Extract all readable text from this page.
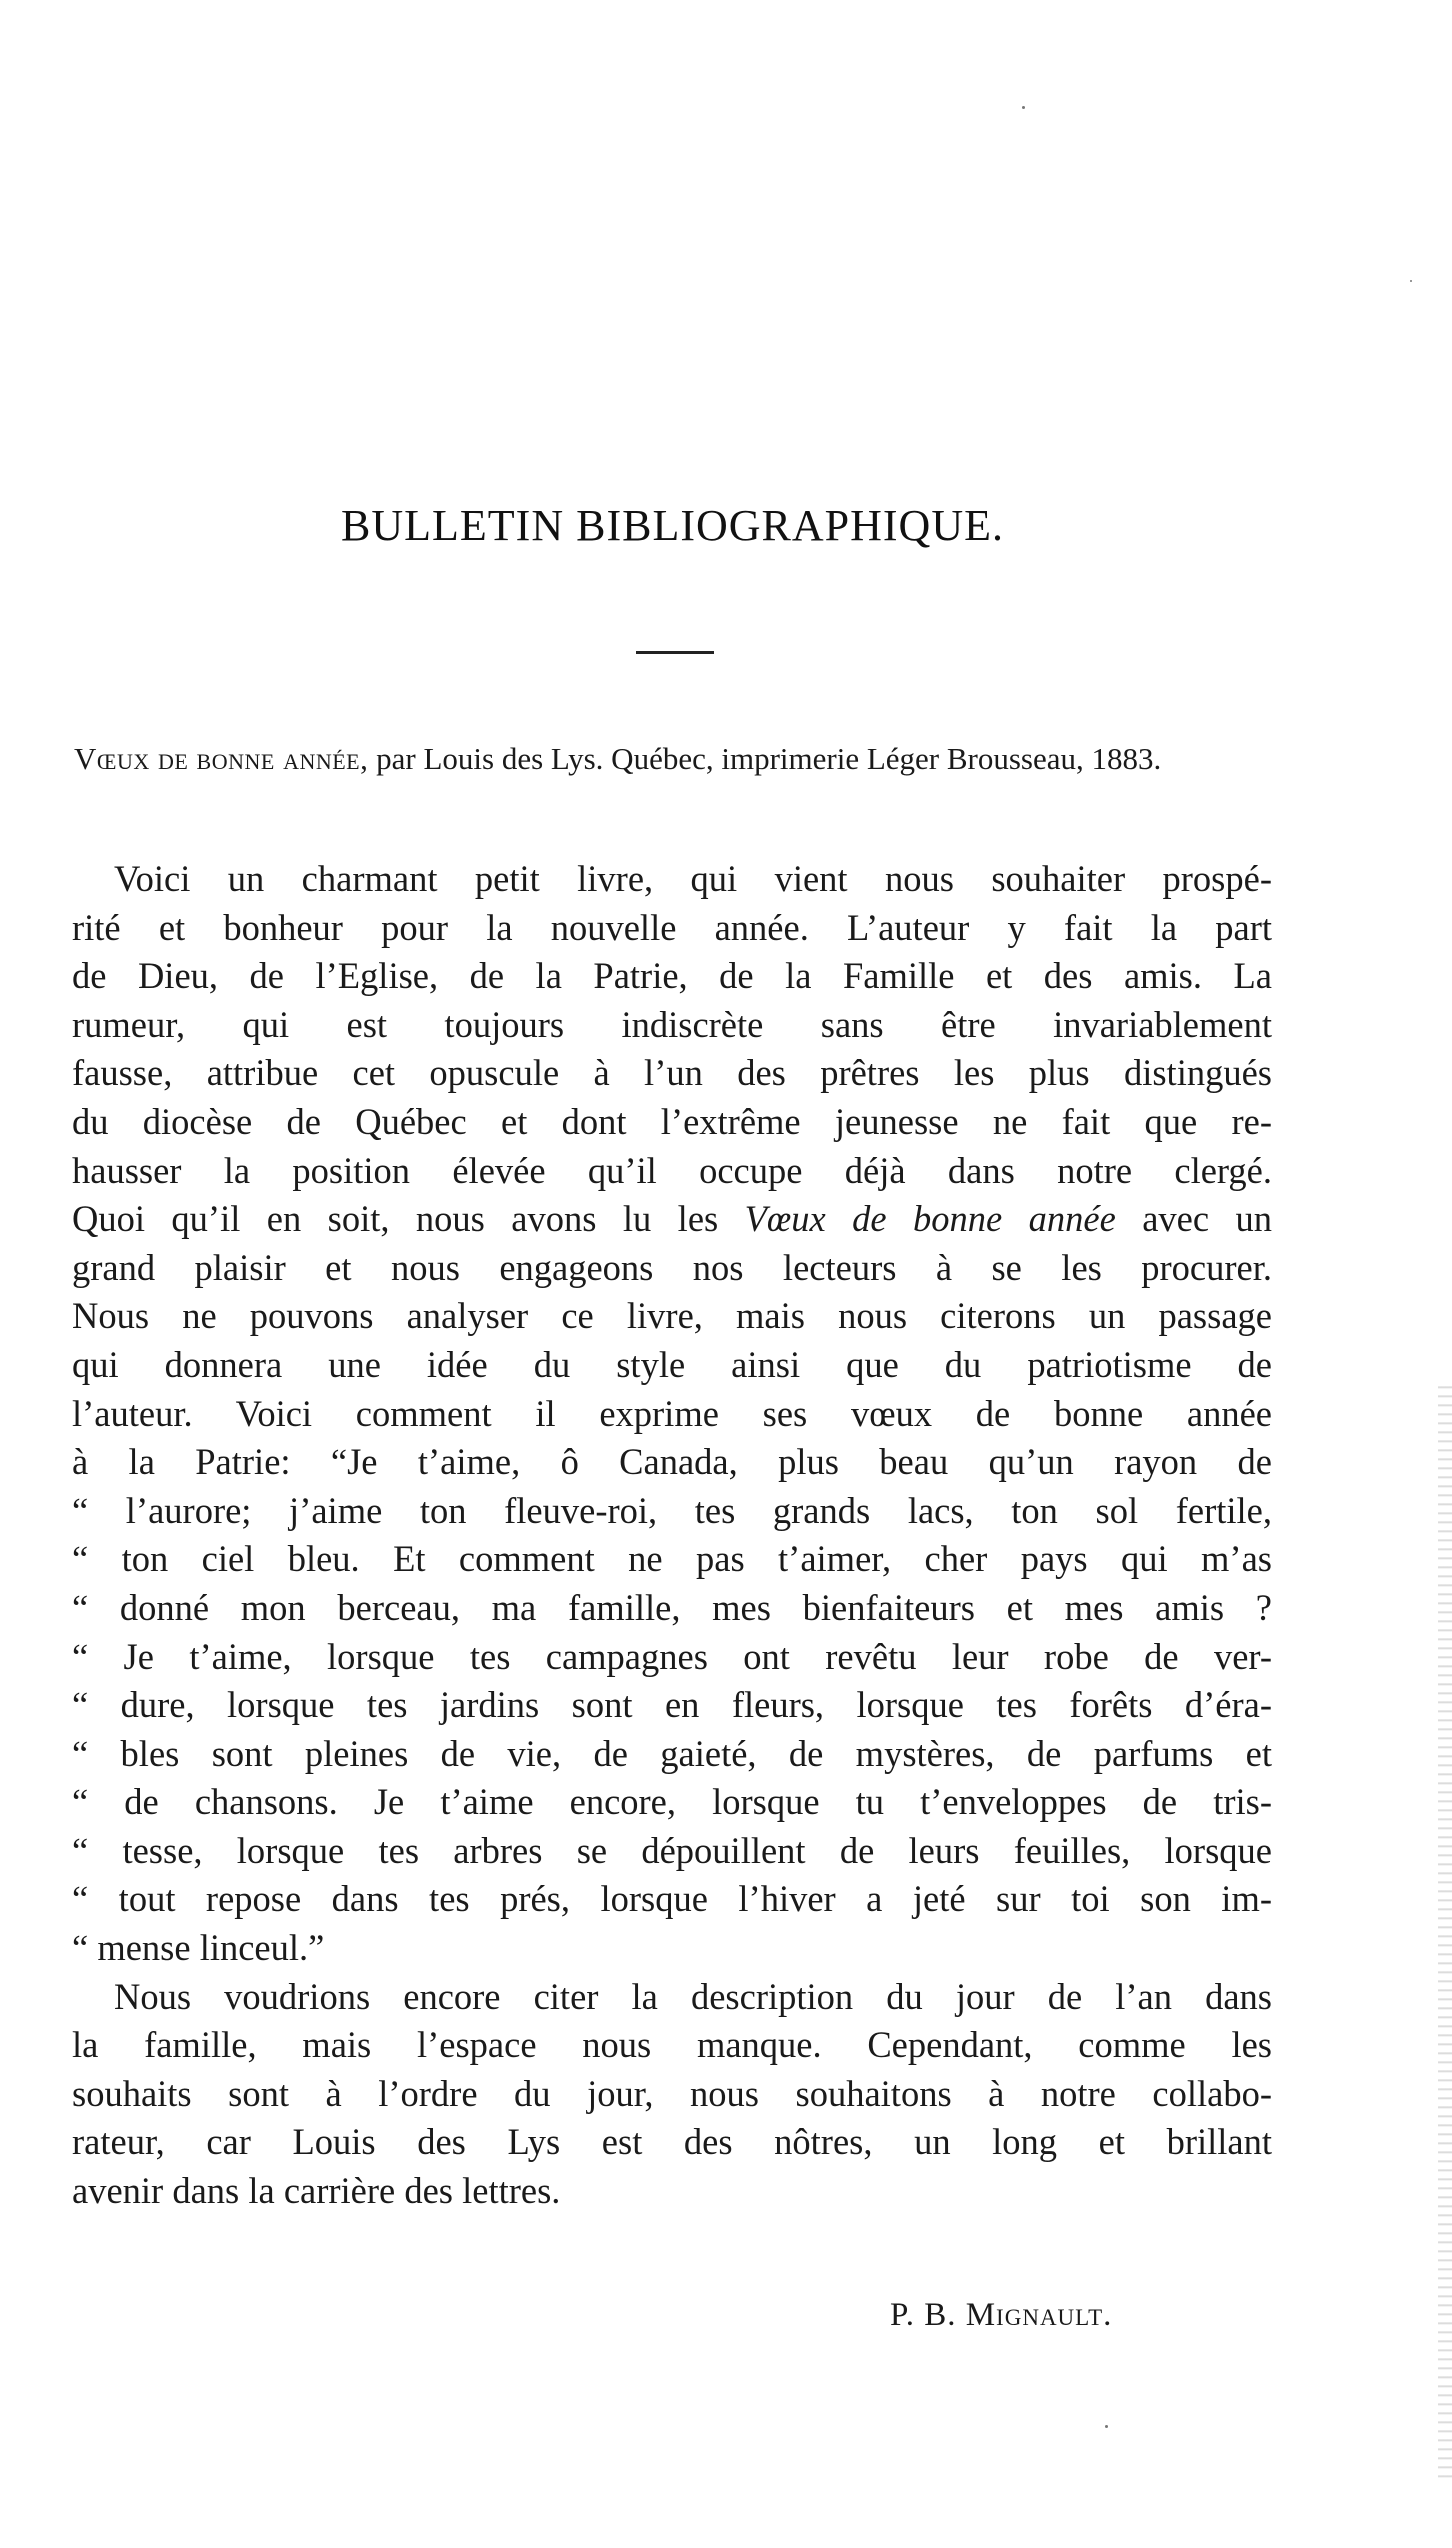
BULLETIN BIBLIOGRAPHIQUE.

Vœux de bonne année, par Louis des Lys. Québec, imprimerie Léger Brousseau, 1883.

Voici un charmant petit livre, qui vient nous souhaiter prospé-
rité et bonheur pour la nouvelle année. L’auteur y fait la part
de Dieu, de l’Eglise, de la Patrie, de la Famille et des amis. La
rumeur, qui est toujours indiscrète sans être invariablement
fausse, attribue cet opuscule à l’un des prêtres les plus distingués
du diocèse de Québec et dont l’extrême jeunesse ne fait que re-
hausser la position élevée qu’il occupe déjà dans notre clergé.
Quoi qu’il en soit, nous avons lu les Vœux de bonne année avec un
grand plaisir et nous engageons nos lecteurs à se les procurer.
Nous ne pouvons analyser ce livre, mais nous citerons un passage
qui donnera une idée du style ainsi que du patriotisme de
l’auteur. Voici comment il exprime ses vœux de bonne année
à la Patrie: “Je t’aime, ô Canada, plus beau qu’un rayon de
“ l’aurore; j’aime ton fleuve-roi, tes grands lacs, ton sol fertile,
“ ton ciel bleu. Et comment ne pas t’aimer, cher pays qui m’as
“ donné mon berceau, ma famille, mes bienfaiteurs et mes amis ?
“ Je t’aime, lorsque tes campagnes ont revêtu leur robe de ver-
“ dure, lorsque tes jardins sont en fleurs, lorsque tes forêts d’éra-
“ bles sont pleines de vie, de gaieté, de mystères, de parfums et
“ de chansons. Je t’aime encore, lorsque tu t’enveloppes de tris-
“ tesse, lorsque tes arbres se dépouillent de leurs feuilles, lorsque
“ tout repose dans tes prés, lorsque l’hiver a jeté sur toi son im-
“ mense linceul.”
Nous voudrions encore citer la description du jour de l’an dans
la famille, mais l’espace nous manque. Cependant, comme les
souhaits sont à l’ordre du jour, nous souhaitons à notre collabo-
rateur, car Louis des Lys est des nôtres, un long et brillant
avenir dans la carrière des lettres.

P. B. Mignault.
